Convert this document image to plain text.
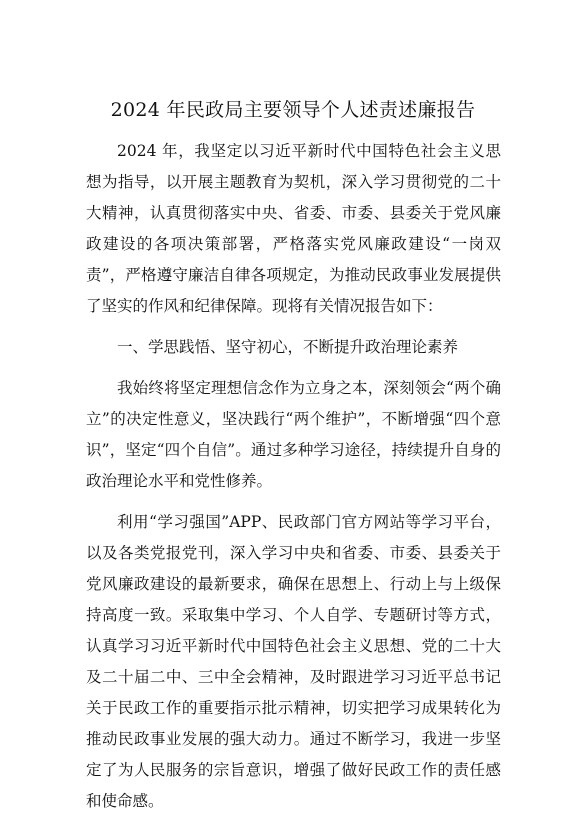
2024 年民政局主要领导个人述责述廉报告

2024 年，我坚定以习近平新时代中国特色社会主义思想为指导，以开展主题教育为契机，深入学习贯彻党的二十大精神，认真贯彻落实中央、省委、市委、县委关于党风廉政建设的各项决策部署，严格落实党风廉政建设“一岗双责”，严格遵守廉洁自律各项规定，为推动民政事业发展提供了坚实的作风和纪律保障。现将有关情况报告如下：

一、学思践悟、坚守初心，不断提升政治理论素养

我始终将坚定理想信念作为立身之本，深刻领会“两个确立”的决定性意义，坚决践行“两个维护”，不断增强“四个意识”，坚定“四个自信”。通过多种学习途径，持续提升自身的政治理论水平和党性修养。

利用“学习强国”APP、民政部门官方网站等学习平台，以及各类党报党刊，深入学习中央和省委、市委、县委关于党风廉政建设的最新要求，确保在思想上、行动上与上级保持高度一致。采取集中学习、个人自学、专题研讨等方式，认真学习习近平新时代中国特色社会主义思想、党的二十大及二十届二中、三中全会精神，及时跟进学习习近平总书记关于民政工作的重要指示批示精神，切实把学习成果转化为推动民政事业发展的强大动力。通过不断学习，我进一步坚定了为人民服务的宗旨意识，增强了做好民政工作的责任感和使命感。
